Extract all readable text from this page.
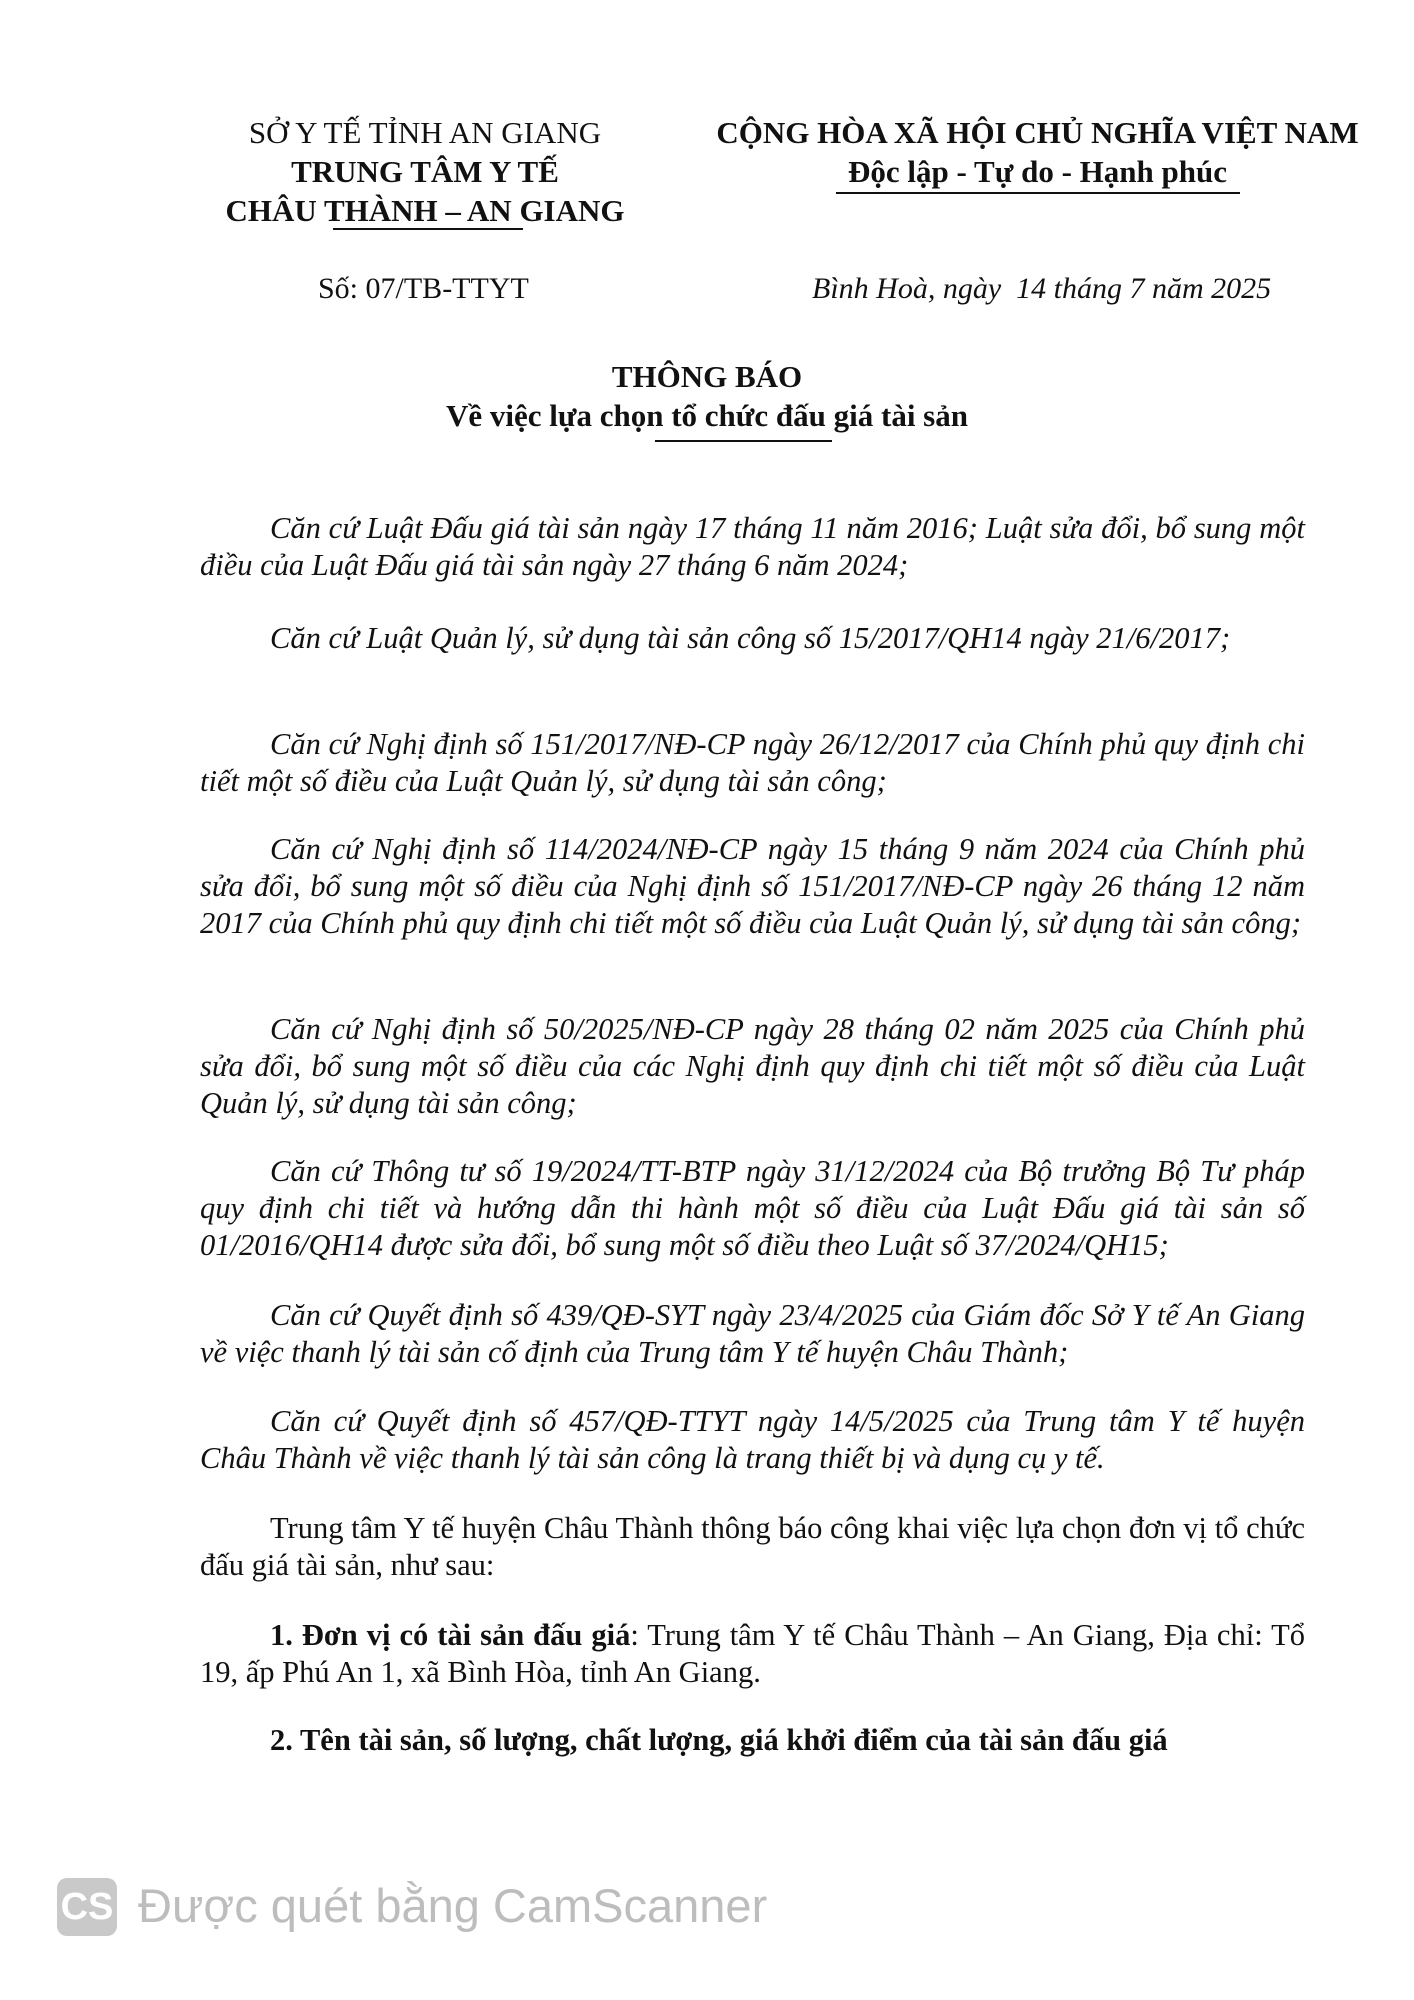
SỞ Y TẾ TỈNH AN GIANG
TRUNG TÂM Y TẾ
CHÂU THÀNH – AN GIANG
CỘNG HÒA XÃ HỘI CHỦ NGHĨA VIỆT NAM
Độc lập - Tự do - Hạnh phúc
Số: 07/TB-TTYT	Bình Hoà, ngày  14 tháng 7 năm 2025
THÔNG BÁO
Về việc lựa chọn tổ chức đấu giá tài sản

Căn cứ Luật Đấu giá tài sản ngày 17 tháng 11 năm 2016; Luật sửa đổi, bổ sung một điều của Luật Đấu giá tài sản ngày 27 tháng 6 năm 2024;

Căn cứ Luật Quản lý, sử dụng tài sản công số 15/2017/QH14 ngày 21/6/2017;

Căn cứ Nghị định số 151/2017/NĐ-CP ngày 26/12/2017 của Chính phủ quy định chi tiết một số điều của Luật Quản lý, sử dụng tài sản công;

Căn cứ Nghị định số 114/2024/NĐ-CP ngày 15 tháng 9 năm 2024 của Chính phủ sửa đổi, bổ sung một số điều của Nghị định số 151/2017/NĐ-CP ngày 26 tháng 12 năm 2017 của Chính phủ quy định chi tiết một số điều của Luật Quản lý, sử dụng tài sản công;

Căn cứ Nghị định số 50/2025/NĐ-CP ngày 28 tháng 02 năm 2025 của Chính phủ sửa đổi, bổ sung một số điều của các Nghị định quy định chi tiết một số điều của Luật Quản lý, sử dụng tài sản công;

Căn cứ Thông tư số 19/2024/TT-BTP ngày 31/12/2024 của Bộ trưởng Bộ Tư pháp quy định chi tiết và hướng dẫn thi hành một số điều của Luật Đấu giá tài sản số 01/2016/QH14 được sửa đổi, bổ sung một số điều theo Luật số 37/2024/QH15;

Căn cứ Quyết định số 439/QĐ-SYT ngày 23/4/2025 của Giám đốc Sở Y tế An Giang về việc thanh lý tài sản cố định của Trung tâm Y tế huyện Châu Thành;

Căn cứ Quyết định số 457/QĐ-TTYT ngày 14/5/2025 của Trung tâm Y tế huyện Châu Thành về việc thanh lý tài sản công là trang thiết bị và dụng cụ y tế.

Trung tâm Y tế huyện Châu Thành thông báo công khai việc lựa chọn đơn vị tổ chức đấu giá tài sản, như sau:

1. Đơn vị có tài sản đấu giá: Trung tâm Y tế Châu Thành – An Giang, Địa chỉ: Tổ 19, ấp Phú An 1, xã Bình Hòa, tỉnh An Giang.

2. Tên tài sản, số lượng, chất lượng, giá khởi điểm của tài sản đấu giá

CS Được quét bằng CamScanner
